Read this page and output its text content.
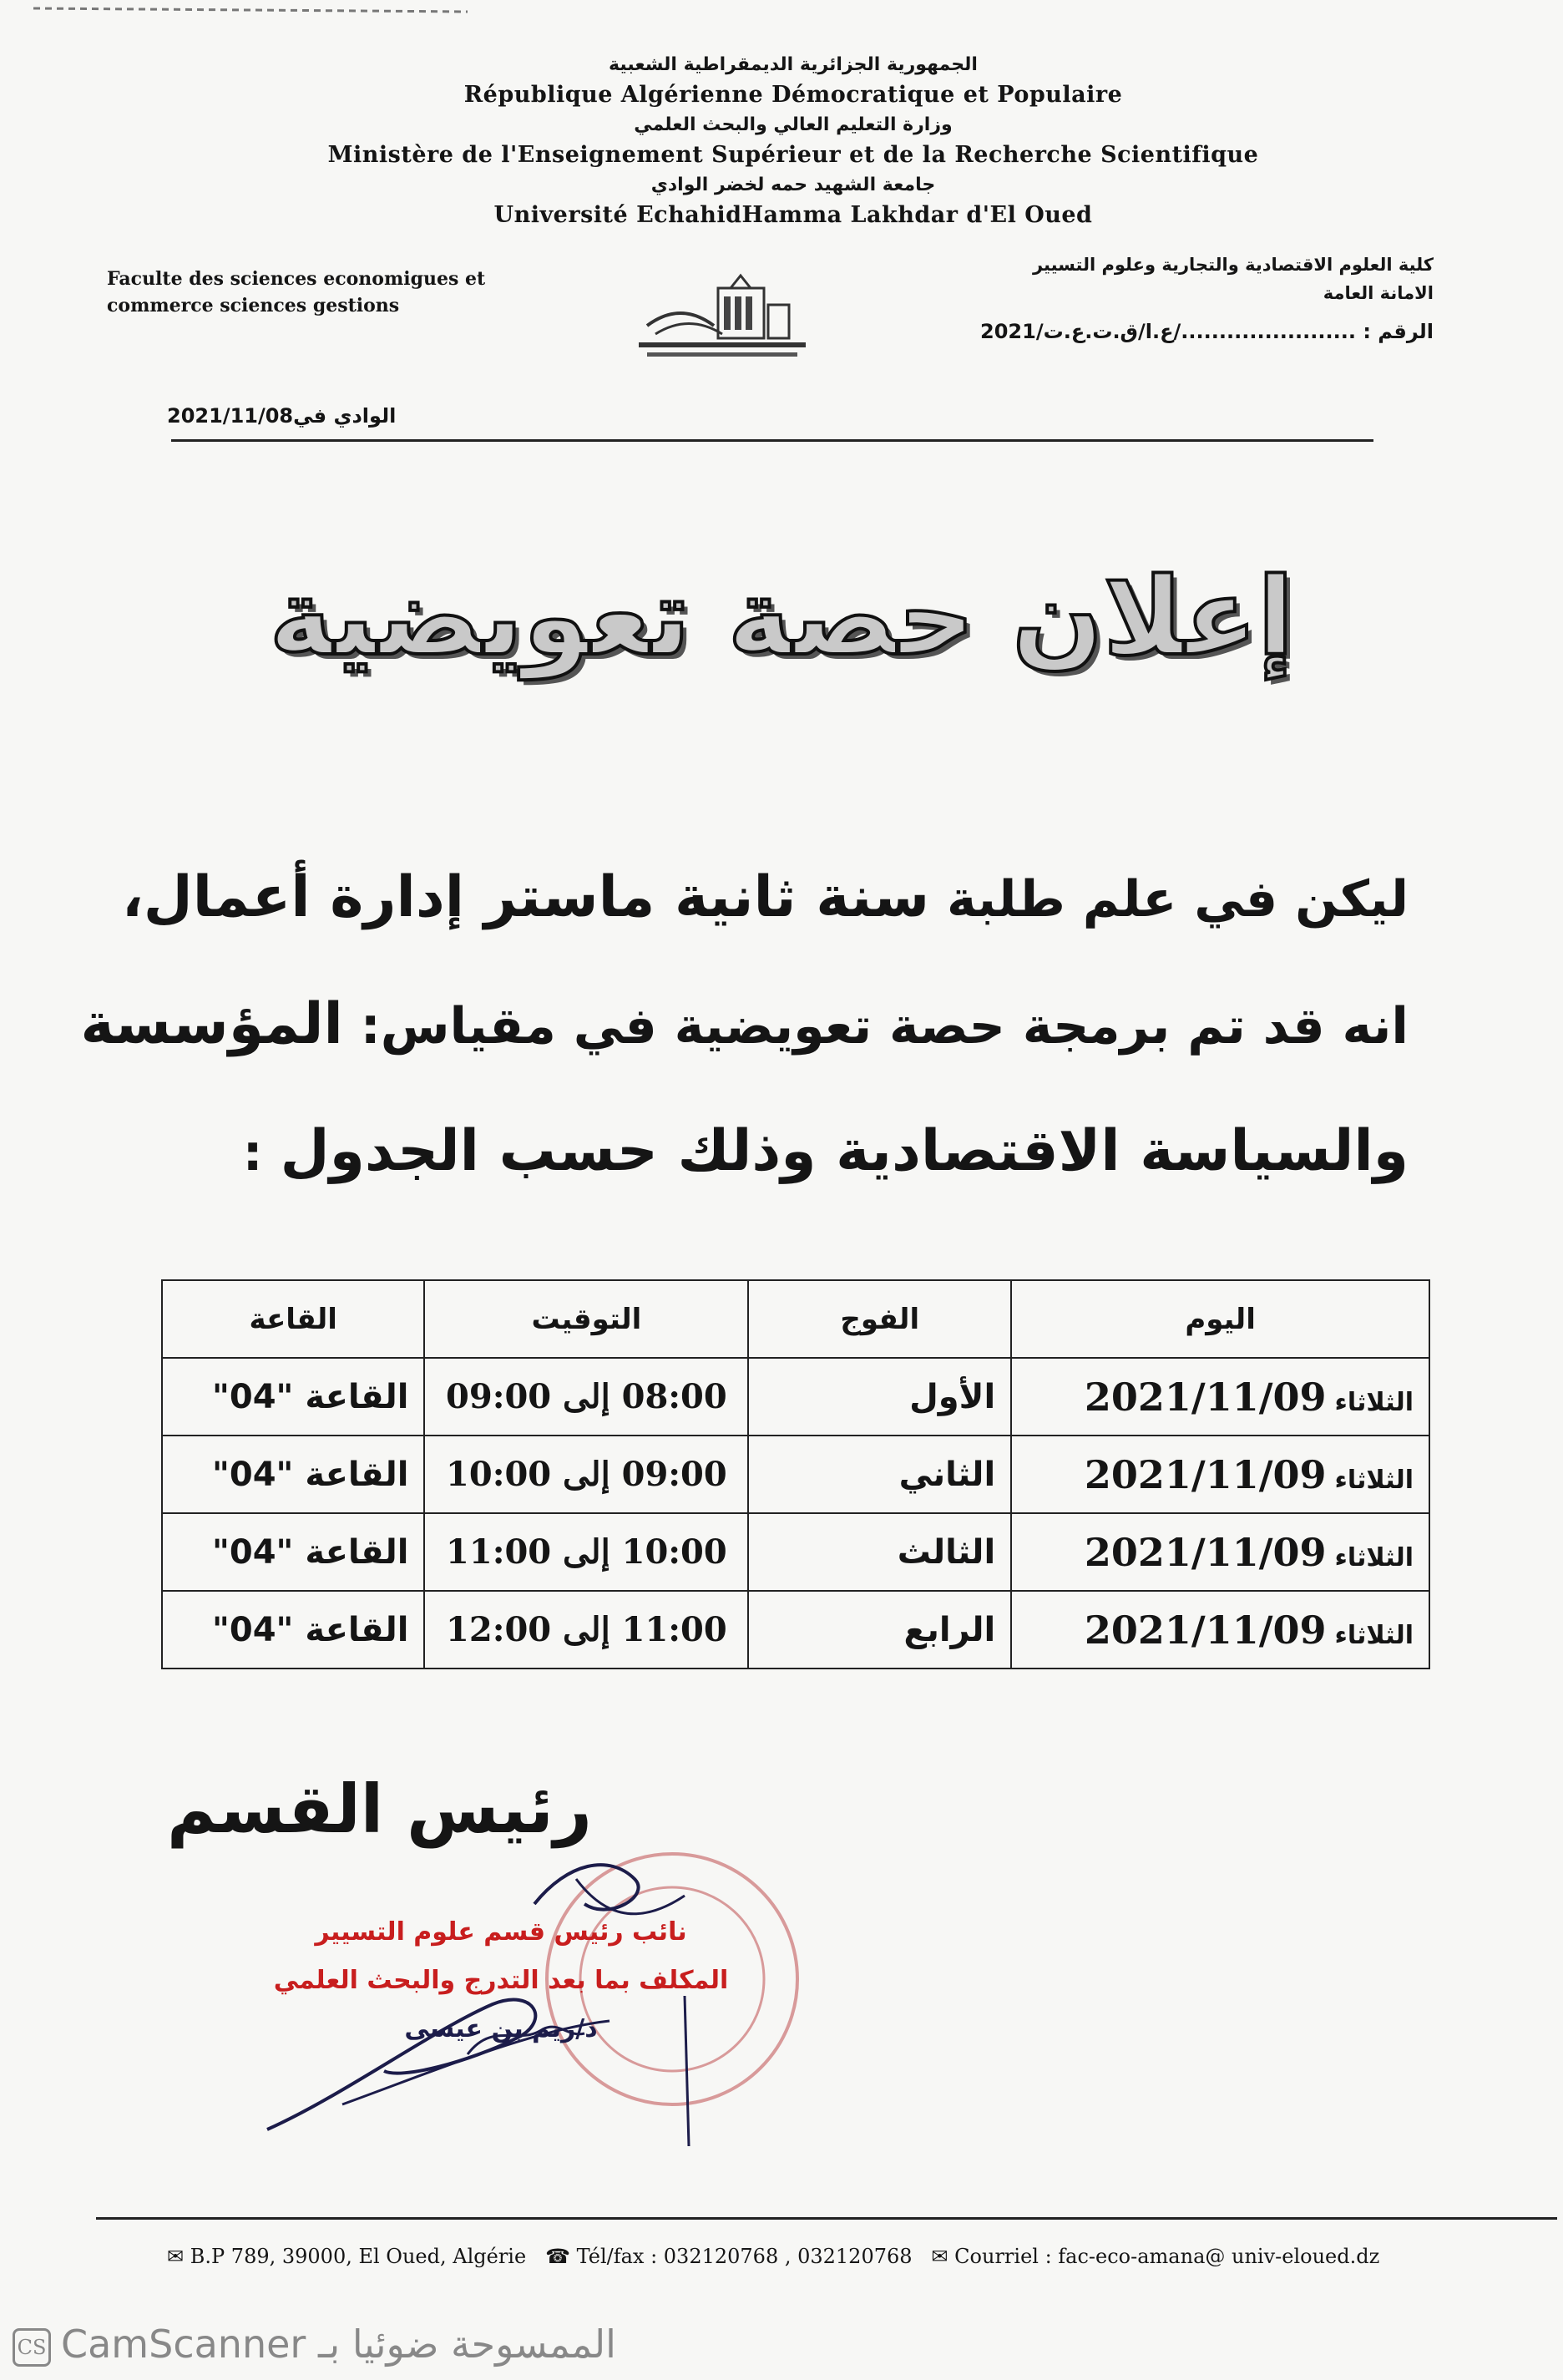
الجمهورية الجزائرية الديمقراطية الشعبية
République Algérienne Démocratique et Populaire
وزارة التعليم العالي والبحث العلمي
Ministère de l'Enseignement Supérieur et de la Recherche Scientifique
جامعة الشهيد حمه لخضر الوادي
Université EchahidHamma Lakhdar d'El Oued
Faculte des sciences economigues et
commerce sciences gestions
كلية العلوم الاقتصادية والتجارية وعلوم التسيير
الامانة العامة
الرقم : ......................./ع.ا/ق.ت.ع.ت/2021
الوادي في2021/11/08
إعلان حصة تعويضية
ليكن في علم طلبة سنة ثانية ماستر إدارة أعمال،
انه قد تم برمجة حصة تعويضية في مقياس: المؤسسة
والسياسة الاقتصادية وذلك حسب الجدول :
اليوم	الفوج	التوقيت	القاعة
الثلاثاء2021/11/09	الأول	08:00 إلى 09:00	القاعة "04"
الثلاثاء2021/11/09	الثاني	09:00 إلى 10:00	القاعة "04"
الثلاثاء2021/11/09	الثالث	10:00 إلى 11:00	القاعة "04"
الثلاثاء2021/11/09	الرابع	11:00 إلى 12:00	القاعة "04"
رئيس القسم
نائب رئيس قسم علوم التسيير
المكلف بما بعد التدرج والبحث العلمي
د/ريم بن عيسى
✉ B.P 789, 39000, El Oued, Algérie ☎ Tél/fax : 032120768 , 032120768 ✉ Courriel : fac-eco-amana@ univ-eloued.dz
CS CamScanner الممسوحة ضوئيا بـ
